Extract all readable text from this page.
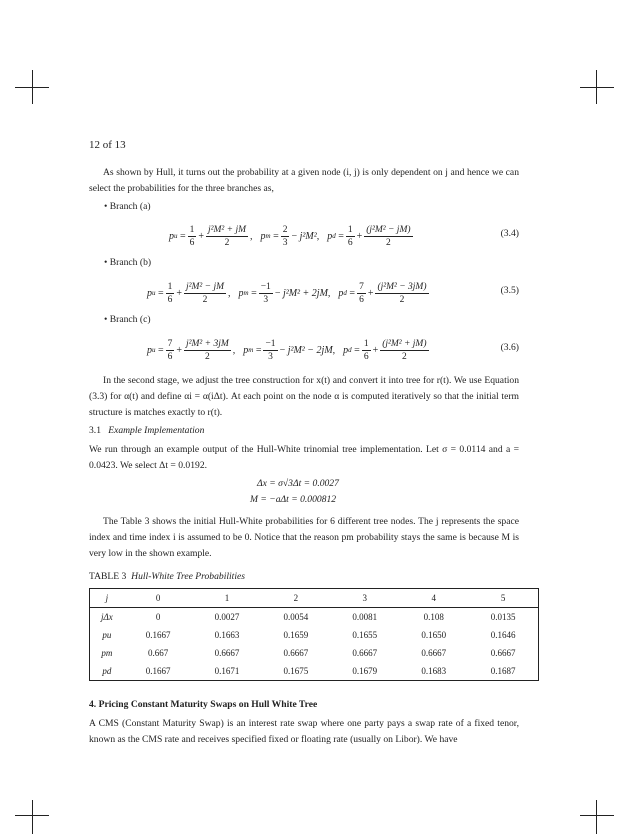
12 of 13
As shown by Hull, it turns out the probability at a given node (i, j) is only dependent on j and hence we can select the probabilities for the three branches as,
• Branch (a)
p u
= $\frac{1}{6} + \frac{\text{j²M² + jM}}{2}$ ,
p m
= $\frac{2}{3} - j^2M^2$,
p d
= $\frac{1}{6} + \frac{\text{(j²M² − jM)}}{2}$	(3.4)
• Branch (b)
p u
= $\frac{1}{6} + \frac{\text{j²M² − jM}}{2}$ ,
p m
= $\frac{-1}{3} - j^2M^2 + 2jM$,
p d
= $\frac{7}{6} + \frac{\text{(j²M² − 3jM)}}{2}$	(3.5)
• Branch (c)
p u
= $\frac{7}{6} + \frac{\text{j²M² + 3jM}}{2}$ ,
p m
= $\frac{-1}{3} - j^2M^2 - 2jM$,
p d
= $\frac{1}{6} + \frac{\text{(j²M² + jM)}}{2}$	(3.6)
In the second stage, we adjust the tree construction for x(t) and convert it into tree for r(t). We use Equation (3.3) for α(t) and define αi = α(iΔt). At each point on the node α is computed iteratively so that the initial term structure is matches exactly to r(t).
3.1 Example Implementation
We run through an example output of the Hull-White trinomial tree implementation. Let σ = 0.0114 and a = 0.0423. We select Δt = 0.0192.
Δx = σ√3Δt = 0.0027
M = −aΔt = 0.000812
The Table 3 shows the initial Hull-White probabilities for 6 different tree nodes. The j represents the space index and time index i is assumed to be 0. Notice that the reason pm probability stays the same is because M is very low in the shown example.
TABLE 3 Hull-White Tree Probabilities
j	0	1	2	3	4	5
jΔx	0	0.0027	0.0054	0.0081	0.108	0.0135
pu	0.1667	0.1663	0.1659	0.1655	0.1650	0.1646
pm	0.667	0.6667	0.6667	0.6667	0.6667	0.6667
pd	0.1667	0.1671	0.1675	0.1679	0.1683	0.1687
4. Pricing Constant Maturity Swaps on Hull White Tree
A CMS (Constant Maturity Swap) is an interest rate swap where one party pays a swap rate of a fixed tenor, known as the CMS rate and receives specified fixed or floating rate (usually on Libor). We have
